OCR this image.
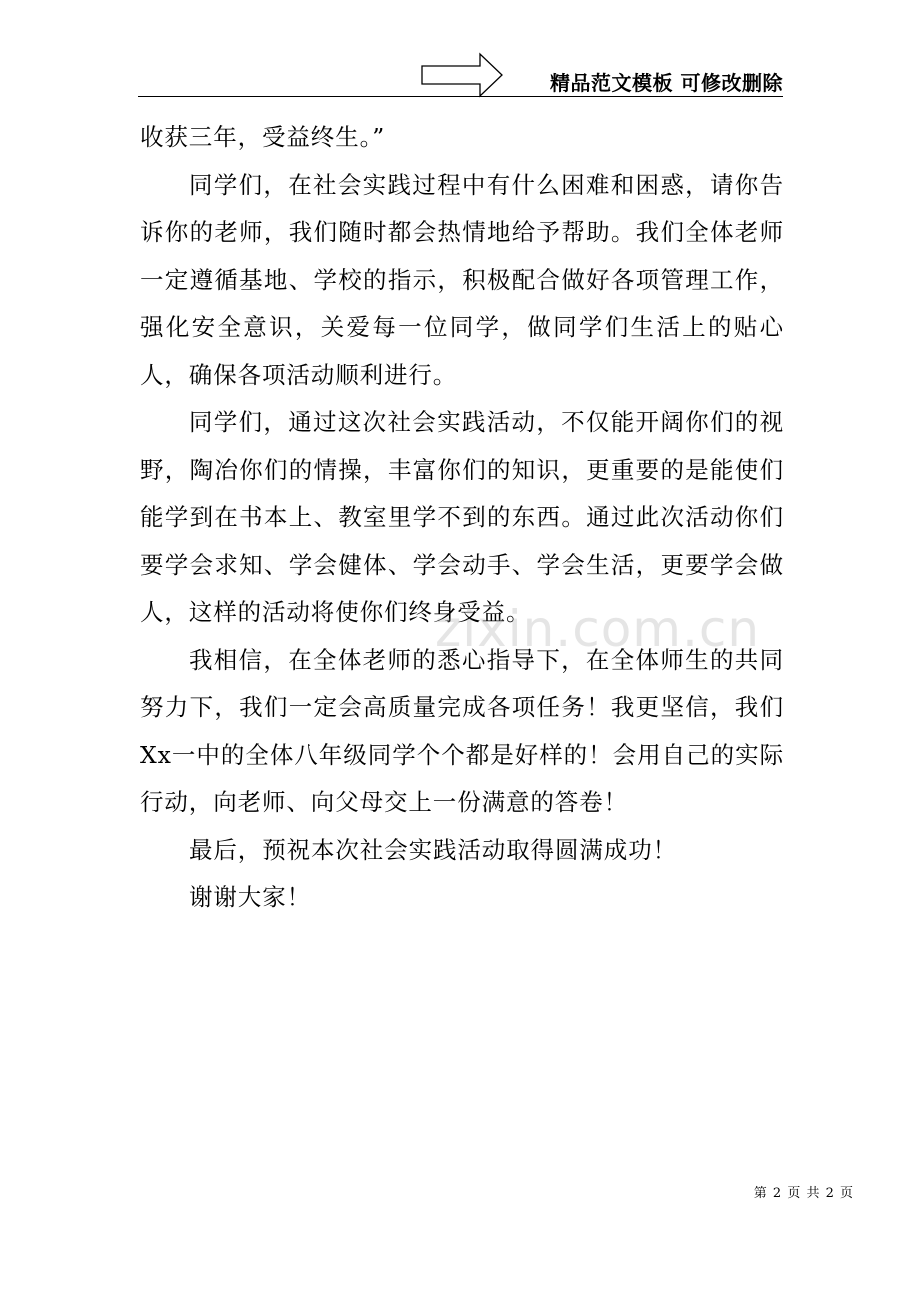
精品范文模板 可修改删除

收获三年，受益终生。”

同学们，在社会实践过程中有什么困难和困惑，请你告诉你的老师，我们随时都会热情地给予帮助。我们全体老师一定遵循基地、学校的指示，积极配合做好各项管理工作，强化安全意识，关爱每一位同学，做同学们生活上的贴心人，确保各项活动顺利进行。

同学们，通过这次社会实践活动，不仅能开阔你们的视野，陶冶你们的情操，丰富你们的知识，更重要的是能使们能学到在书本上、教室里学不到的东西。通过此次活动你们要学会求知、学会健体、学会动手、学会生活，更要学会做人，这样的活动将使你们终身受益。

我相信，在全体老师的悉心指导下，在全体师生的共同努力下，我们一定会高质量完成各项任务！我更坚信，我们Xx一中的全体八年级同学个个都是好样的！会用自己的实际行动，向老师、向父母交上一份满意的答卷！

最后，预祝本次社会实践活动取得圆满成功！

谢谢大家！

zixin.com.cn
第 2 页 共 2 页
